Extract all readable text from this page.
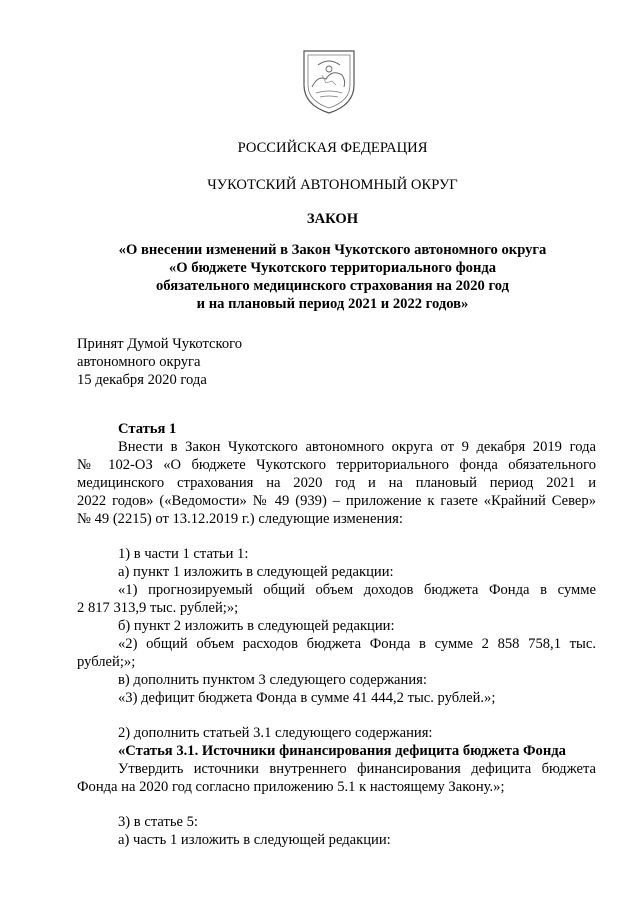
РОССИЙСКАЯ ФЕДЕРАЦИЯ
ЧУКОТСКИЙ АВТОНОМНЫЙ ОКРУГ
ЗАКОН
«О внесении изменений в Закон Чукотского автономного округа
«О бюджете Чукотского территориального фонда
обязательного медицинского страхования на 2020 год
и на плановый период 2021 и 2022 годов»
Принят Думой Чукотского
автономного округа
15 декабря 2020 года
Статья 1
Внести в Закон Чукотского автономного округа от 9 декабря 2019 года
№ 102-ОЗ «О бюджете Чукотского территориального фонда обязательного
медицинского страхования на 2020 год и на плановый период 2021 и
2022 годов» («Ведомости» № 49 (939) – приложение к газете «Крайний Север»
№ 49 (2215) от 13.12.2019 г.) следующие изменения:
1) в части 1 статьи 1:
а) пункт 1 изложить в следующей редакции:
«1) прогнозируемый общий объем доходов бюджета Фонда в сумме
2 817 313,9 тыс. рублей;»;
б) пункт 2 изложить в следующей редакции:
«2) общий объем расходов бюджета Фонда в сумме 2 858 758,1 тыс.
рублей;»;
в) дополнить пунктом 3 следующего содержания:
«3) дефицит бюджета Фонда в сумме 41 444,2 тыс. рублей.»;
2) дополнить статьей 3.1 следующего содержания:
«Статья 3.1. Источники финансирования дефицита бюджета Фонда
Утвердить источники внутреннего финансирования дефицита бюджета
Фонда на 2020 год согласно приложению 5.1 к настоящему Закону.»;
3) в статье 5:
а) часть 1 изложить в следующей редакции:
